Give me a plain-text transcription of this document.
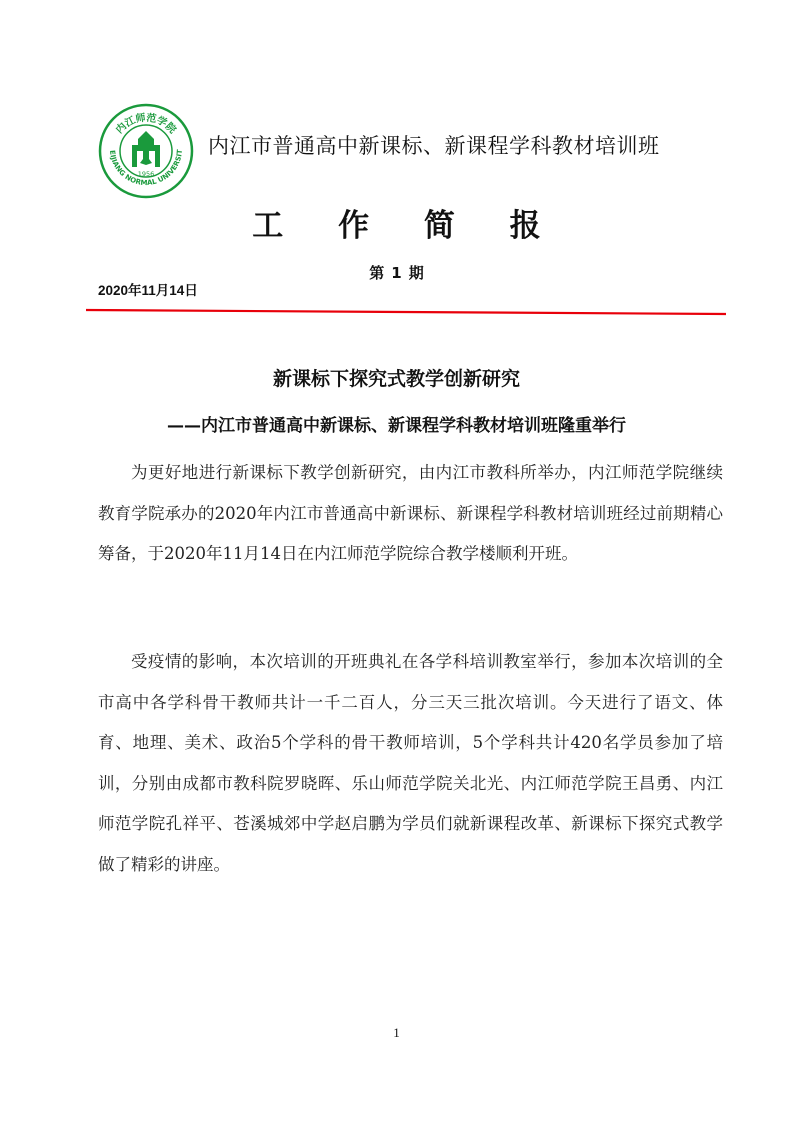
内江师范学院
EIJIANG NORMAL UNIVERSIT
1956
内江市普通高中新课标、新课程学科教材培训班
工 作 简 报
第 1 期
2020年11月14日
新课标下探究式教学创新研究
——内江市普通高中新课标、新课程学科教材培训班隆重举行

为更好地进行新课标下教学创新研究，由内江市教科所举办，内江师范学院继续教育学院承办的2020年内江市普通高中新课标、新课程学科教材培训班经过前期精心筹备，于2020年11月14日在内江师范学院综合教学楼顺利开班。

受疫情的影响，本次培训的开班典礼在各学科培训教室举行，参加本次培训的全市高中各学科骨干教师共计一千二百人，分三天三批次培训。今天进行了语文、体育、地理、美术、政治5个学科的骨干教师培训，5个学科共计420名学员参加了培训，分别由成都市教科院罗晓晖、乐山师范学院关北光、内江师范学院王昌勇、内江师范学院孔祥平、苍溪城郊中学赵启鹏为学员们就新课程改革、新课标下探究式教学做了精彩的讲座。

1
